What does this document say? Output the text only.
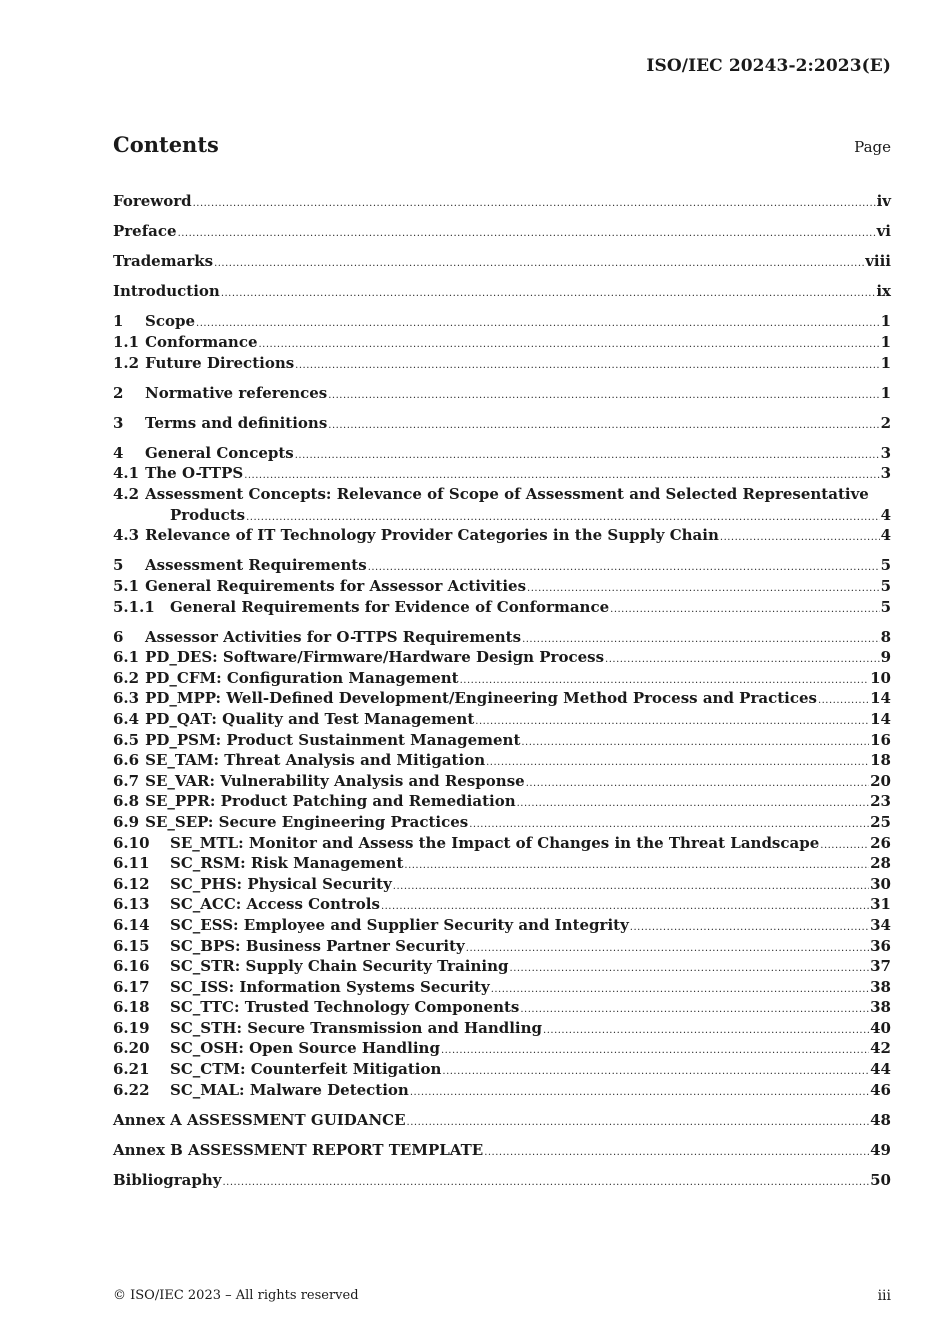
ISO/IEC 20243-2:2023(E)
Contents	Page
Foreword .....	iv
Preface .....	vi
Trademarks .....	viii
Introduction .....	ix
1	Scope .....	1
1.1 Conformance .....	1
1.2 Future Directions .....	1
2	Normative references .....	1
3	Terms and definitions .....	2
4	General Concepts .....	3
4.1 The O-TTPS .....	3
4.2 Assessment Concepts: Relevance of Scope of Assessment and Selected Representative
Products .....	4
4.3 Relevance of IT Technology Provider Categories in the Supply Chain .....	4
5	Assessment Requirements .....	5
5.1 General Requirements for Assessor Activities .....	5
5.1.1	General Requirements for Evidence of Conformance .....	5
6	Assessor Activities for O-TTPS Requirements .....	8
6.1 PD_DES: Software/Firmware/Hardware Design Process .....	9
6.2 PD_CFM: Configuration Management .....	10
6.3 PD_MPP: Well-Defined Development/Engineering Method Process and Practices .....	14
6.4 PD_QAT: Quality and Test Management .....	14
6.5 PD_PSM: Product Sustainment Management .....	16
6.6 SE_TAM: Threat Analysis and Mitigation .....	18
6.7 SE_VAR: Vulnerability Analysis and Response .....	20
6.8 SE_PPR: Product Patching and Remediation .....	23
6.9 SE_SEP: Secure Engineering Practices .....	25
6.10	SE_MTL: Monitor and Assess the Impact of Changes in the Threat Landscape .....	26
6.11	SC_RSM: Risk Management .....	28
6.12	SC_PHS: Physical Security .....	30
6.13	SC_ACC: Access Controls .....	31
6.14	SC_ESS: Employee and Supplier Security and Integrity .....	34
6.15	SC_BPS: Business Partner Security .....	36
6.16	SC_STR: Supply Chain Security Training .....	37
6.17	SC_ISS: Information Systems Security .....	38
6.18	SC_TTC: Trusted Technology Components .....	38
6.19	SC_STH: Secure Transmission and Handling .....	40
6.20	SC_OSH: Open Source Handling .....	42
6.21	SC_CTM: Counterfeit Mitigation .....	44
6.22	SC_MAL: Malware Detection .....	46
Annex A ASSESSMENT GUIDANCE .....	48
Annex B ASSESSMENT REPORT TEMPLATE .....	49
Bibliography .....	50
© ISO/IEC 2023 – All rights reserved	iii
